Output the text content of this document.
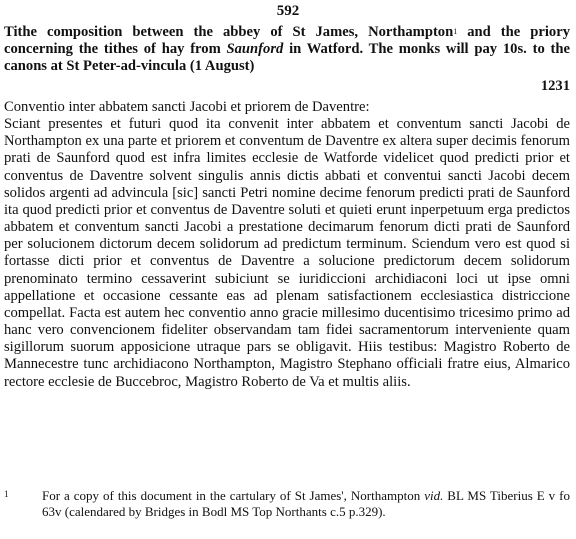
592
Tithe composition between the abbey of St James, Northampton$^1$ and the priory concerning the tithes of hay from Saunford in Watford. The monks will pay 10s. to the canons at St Peter-ad-vincula (1 August)
1231

Conventio inter abbatem sancti Jacobi et priorem de Daventre:

Sciant presentes et futuri quod ita convenit inter abbatem et conventum sancti Jacobi de Northampton ex una parte et priorem et conventum de Daventre ex altera super decimis fenorum prati de Saunford quod est infra limites ecclesie de Watforde videlicet quod predicti prior et conventus de Daventre solvent singulis annis dictis abbati et conventui sancti Jacobi decem solidos argenti ad advincula [sic] sancti Petri nomine decime fenorum predicti prati de Saunford ita quod predicti prior et conventus de Daventre soluti et quieti erunt inperpetuum erga predictos abbatem et conventum sancti Jacobi a prestatione decimarum fenorum dicti prati de Saunford per solucionem dictorum decem solidorum ad predictum terminum. Sciendum vero est quod si fortasse dicti prior et conventus de Daventre a solucione predictorum decem solidorum prenominato termino cessaverint subiciunt se iuridiccioni archidiaconi loci ut ipse omni appellatione et occasione cessante eas ad plenam satisfactionem ecclesiastica districcione compellat. Facta est autem hec conventio anno gracie millesimo ducentisimo tricesimo primo ad hanc vero convencionem fideliter observandam tam fidei sacramentorum interveniente quam sigillorum suorum apposicione utraque pars se obligavit. Hiis testibus: Magistro Roberto de Mannecestre tunc archidiacono Northampton, Magistro Stephano officiali fratre eius, Almarico rectore ecclesie de Buccebroc, Magistro Roberto de Va et multis aliis.

1	For a copy of this document in the cartulary of St James', Northampton vid. BL MS Tiberius E v fo 63v (calendared by Bridges in Bodl MS Top Northants c.5 p.329).
